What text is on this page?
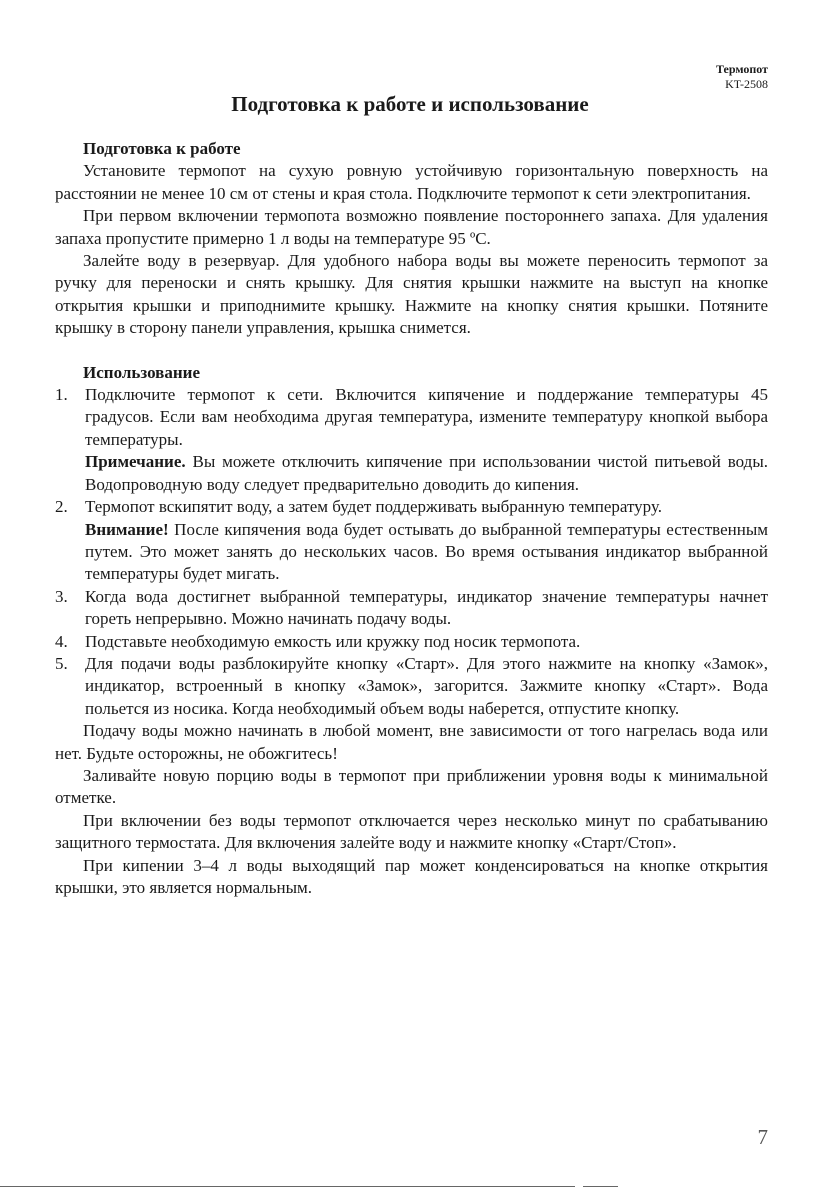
Термопот
KT-2508
Подготовка к работе и использование
Подготовка к работе

Установите термопот на сухую ровную устойчивую горизонтальную поверхность на расстоянии не менее 10 см от стены и края стола. Подключите термопот к сети электропитания.

При первом включении термопота возможно появление постороннего запаха. Для удаления запаха пропустите примерно 1 л воды на температуре 95 ºС.

Залейте воду в резервуар. Для удобного набора воды вы можете переносить термопот за ручку для переноски и снять крышку. Для снятия крышки нажмите на выступ на кнопке открытия крышки и приподнимите крышку. Нажмите на кнопку снятия крышки. Потяните крышку в сторону панели управления, крышка снимется.

Использование
1. Подключите термопот к сети. Включится кипячение и поддержание температуры 45 градусов. Если вам необходима другая температура, измените температуру кнопкой выбора температуры.

Примечание. Вы можете отключить кипячение при использовании чистой питьевой воды. Водопроводную воду следует предварительно доводить до кипения.

2. Термопот вскипятит воду, а затем будет поддерживать выбранную температуру.

Внимание! После кипячения вода будет остывать до выбранной температуры естественным путем. Это может занять до нескольких часов. Во время остывания индикатор выбранной температуры будет мигать.

3. Когда вода достигнет выбранной температуры, индикатор значение температуры начнет гореть непрерывно. Можно начинать подачу воды.

4. Подставьте необходимую емкость или кружку под носик термопота.

5. Для подачи воды разблокируйте кнопку «Старт». Для этого нажмите на кнопку «Замок», индикатор, встроенный в кнопку «Замок», загорится. Зажмите кнопку «Старт». Вода польется из носика. Когда необходимый объем воды наберется, отпустите кнопку.

Подачу воды можно начинать в любой момент, вне зависимости от того нагрелась вода или нет. Будьте осторожны, не обожгитесь!

Заливайте новую порцию воды в термопот при приближении уровня воды к минимальной отметке.

При включении без воды термопот отключается через несколько минут по срабатыванию защитного термостата. Для включения залейте воду и нажмите кнопку «Старт/Стоп».

При кипении 3–4 л воды выходящий пар может конденсироваться на кнопке открытия крышки, это является нормальным.

7
